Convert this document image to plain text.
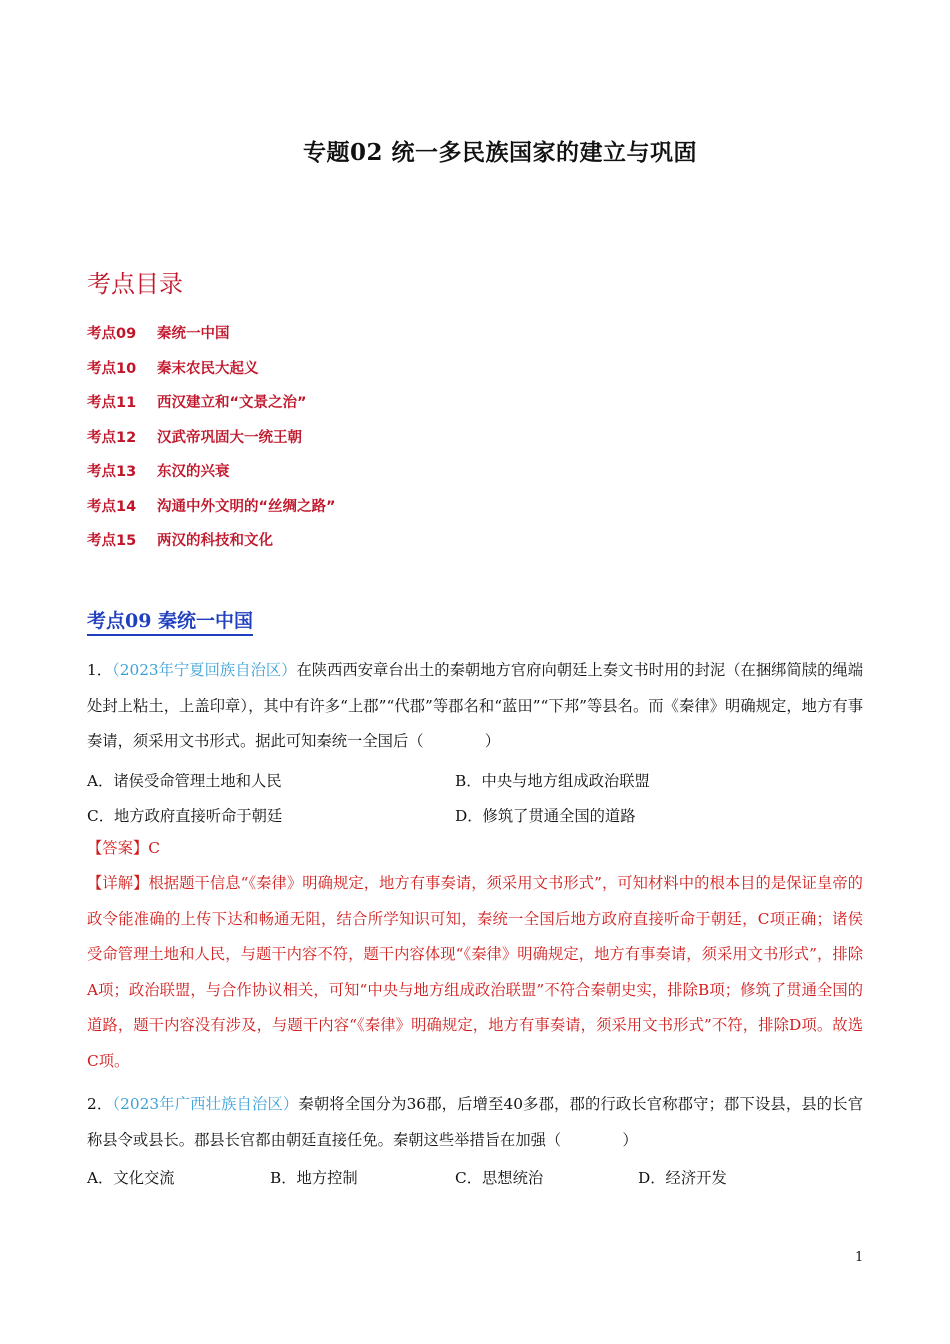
专题02 统一多民族国家的建立与巩固
考点目录
考点09 秦统一中国
考点10 秦末农民大起义
考点11 西汉建立和“文景之治”
考点12 汉武帝巩固大一统王朝
考点13 东汉的兴衰
考点14 沟通中外文明的“丝绸之路”
考点15 两汉的科技和文化
考点09 秦统一中国
1．（2023年宁夏回族自治区）在陕西西安章台出土的秦朝地方官府向朝廷上奏文书时用的封泥（在捆绑简牍的绳端处封上粘土，上盖印章），其中有许多“上郡”“代郡”等郡名和“蓝田”“下邦”等县名。而《秦律》明确规定，地方有事奏请，须采用文书形式。据此可知秦统一全国后（　　　　）
A．诸侯受命管理土地和人民	B．中央与地方组成政治联盟
C．地方政府直接听命于朝廷	D．修筑了贯通全国的道路
【答案】C
【详解】根据题干信息“《秦律》明确规定，地方有事奏请，须采用文书形式”，可知材料中的根本目的是保证皇帝的政令能准确的上传下达和畅通无阻，结合所学知识可知，秦统一全国后地方政府直接听命于朝廷，C项正确；诸侯受命管理土地和人民，与题干内容不符，题干内容体现“《秦律》明确规定，地方有事奏请，须采用文书形式”，排除A项；政治联盟，与合作协议相关，可知“中央与地方组成政治联盟”不符合秦朝史实，排除B项；修筑了贯通全国的道路，题干内容没有涉及，与题干内容“《秦律》明确规定，地方有事奏请，须采用文书形式”不符，排除D项。故选C项。
2．（2023年广西壮族自治区）秦朝将全国分为36郡，后增至40多郡，郡的行政长官称郡守；郡下设县，县的长官称县令或县长。郡县长官都由朝廷直接任免。秦朝这些举措旨在加强（　　　　）
A．文化交流	B．地方控制	C．思想统治	D．经济开发
1
